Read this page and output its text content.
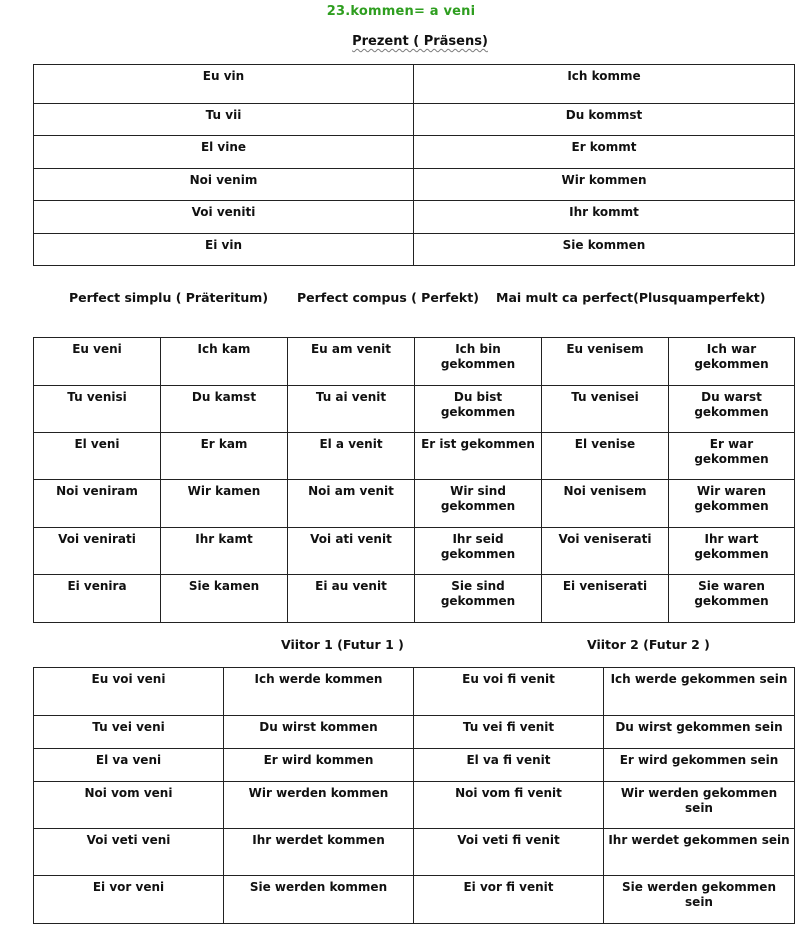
23.kommen= a veni
Prezent ( Präsens)
Eu vin	Ich komme
Tu vii	Du kommst
El vine	Er kommt
Noi venim	Wir kommen
Voi veniti	Ihr kommt
Ei vin	Sie kommen
Perfect simplu ( Präteritum) Perfect compus ( Perfekt) Mai mult ca perfect(Plusquamperfekt)
Eu veni	Ich kam	Eu am venit	Ich bin gekommen	Eu venisem	Ich war gekommen
Tu venisi	Du kamst	Tu ai venit	Du bist gekommen	Tu venisei	Du warst gekommen
El veni	Er kam	El a venit	Er ist gekommen	El venise	Er war gekommen
Noi veniram	Wir kamen	Noi am venit	Wir sind gekommen	Noi venisem	Wir waren gekommen
Voi venirati	Ihr kamt	Voi ati venit	Ihr seid gekommen	Voi veniserati	Ihr wart gekommen
Ei venira	Sie kamen	Ei au venit	Sie sind gekommen	Ei veniserati	Sie waren gekommen
Viitor 1 (Futur 1 )	Viitor 2 (Futur 2 )
Eu voi veni	Ich werde kommen	Eu voi fi venit	Ich werde gekommen sein
Tu vei veni	Du wirst kommen	Tu vei fi venit	Du wirst gekommen sein
El va veni	Er wird kommen	El va fi venit	Er wird gekommen sein
Noi vom veni	Wir werden kommen	Noi vom fi venit	Wir werden gekommen sein
Voi veti veni	Ihr werdet kommen	Voi veti fi venit	Ihr werdet gekommen sein
Ei vor veni	Sie werden kommen	Ei vor fi venit	Sie werden gekommen sein
